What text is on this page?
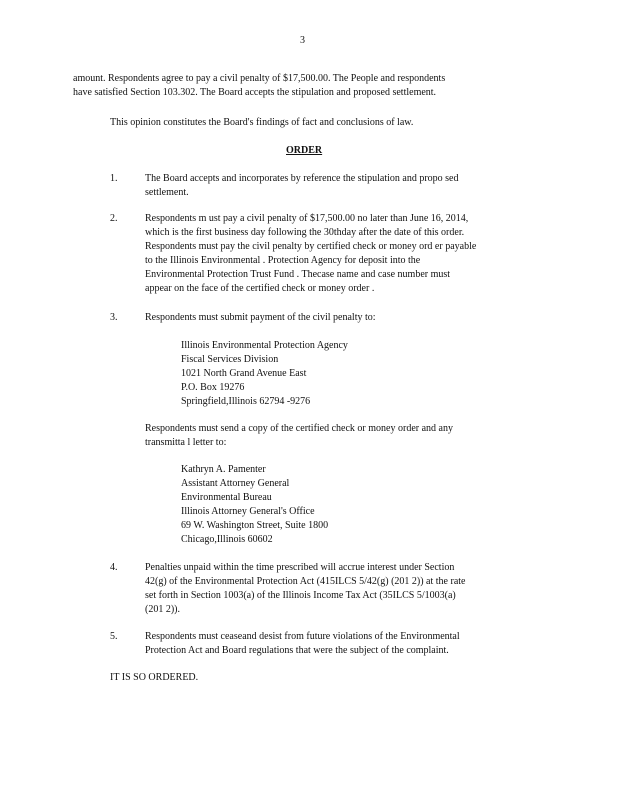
3
amount. Respondents agree to pay a civil penalty of $17,500.00. The People and respondents
have satisfied Section 103.302. The Board accepts the stipulation and proposed settlement.
This opinion constitutes the Board's findings of fact and conclusions of law.
ORDER
1.	The Board accepts and incorporates by reference the stipulation and propo sed
settlement.
2.	Respondents m ust pay a civil penalty of $17,500.00 no later than June 16, 2014,
which is the first business day following the 30thday after the date of this order.
Respondents must pay the civil penalty by certified check or money ord er payable
to the Illinois Environmental . Protection Agency for deposit into the
Environmental Protection Trust Fund . Thecase name and case number must
appear on the face of the certified check or money order .
3.	Respondents must submit payment of the civil penalty to:
Illinois Environmental Protection Agency
Fiscal Services Division
1021 North Grand Avenue East
P.O. Box 19276
Springfield,Illinois 62794 -9276
Respondents must send a copy of the certified check or money order and any
transmitta l letter to:
Kathryn A. Pamenter
Assistant Attorney General
Environmental Bureau
Illinois Attorney General's Office
69 W. Washington Street, Suite 1800
Chicago,Illinois 60602
4.	Penalties unpaid within the time prescribed will accrue interest under Section
42(g) of the Environmental Protection Act (415ILCS 5/42(g) (201 2)) at the rate
set forth in Section 1003(a) of the Illinois Income Tax Act (35ILCS 5/1003(a)
(201 2)).
5.	Respondents must ceaseand desist from future violations of the Environmental
Protection Act and Board regulations that were the subject of the complaint.
IT IS SO ORDERED.
